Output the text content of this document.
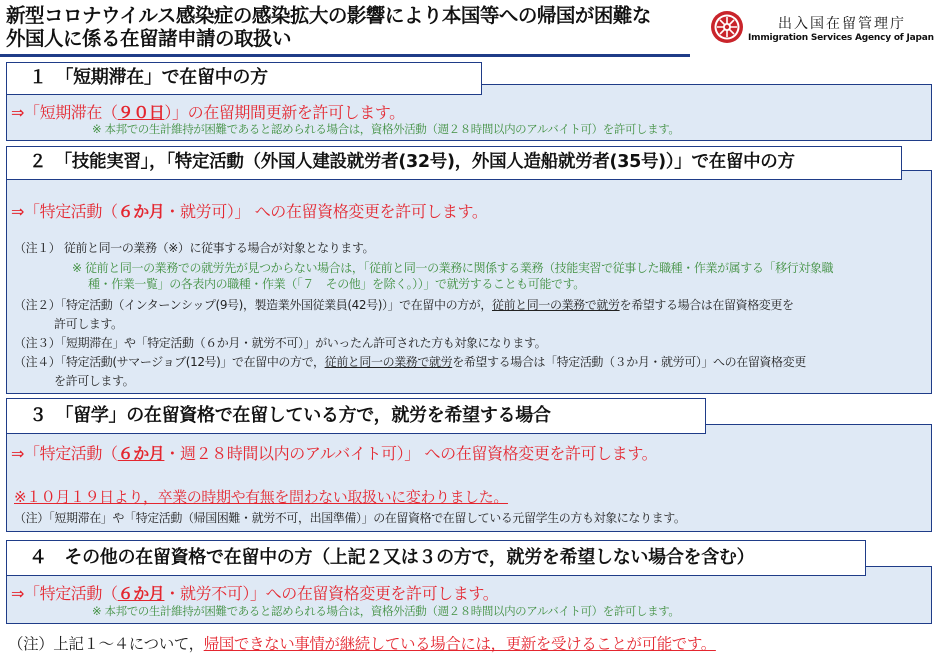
新型コロナウイルス感染症の感染拡大の影響により本国等への帰国が困難な
外国人に係る在留諸申請の取扱い
出入国在留管理庁
Immigration Services Agency of Japan
１　「短期滞在」で在留中の方
⇒「短期滞在（９０日）」の在留期間更新を許可します。
※ 本邦での生計維持が困難であると認められる場合は，資格外活動（週２８時間以内のアルバイト可）を許可します。
２　「技能実習」，「特定活動（外国人建設就労者(32号)，外国人造船就労者(35号)）」で在留中の方
⇒「特定活動（６か月・就労可）」 への在留資格変更を許可します。
（注１） 従前と同一の業務（※）に従事する場合が対象となります。
※ 従前と同一の業務での就労先が見つからない場合は，「従前と同一の業務に関係する業務（技能実習で従事した職種・作業が属する「移行対象職
種・作業一覧」の各表内の職種・作業（「７　その他」を除く。））」で就労することも可能です。
（注２）「特定活動（インターンシップ(9号)，製造業外国従業員(42号)）」で在留中の方が，従前と同一の業務で就労を希望する場合は在留資格変更を
許可します。
（注３）「短期滞在」や「特定活動（６か月・就労不可）」がいったん許可された方も対象になります。
（注４）「特定活動(サマージョブ(12号)」で在留中の方で，従前と同一の業務で就労を希望する場合は「特定活動（３か月・就労可）」への在留資格変更
を許可します。
３　「留学」の在留資格で在留している方で，就労を希望する場合
⇒「特定活動（６か月・週２８時間以内のアルバイト可）」 への在留資格変更を許可します。
※１０月１９日より，卒業の時期や有無を問わない取扱いに変わりました。
（注）「短期滞在」や「特定活動（帰国困難・就労不可，出国準備）」の在留資格で在留している元留学生の方も対象になります。
４　その他の在留資格で在留中の方（上記２又は３の方で，就労を希望しない場合を含む）
⇒「特定活動（６か月・就労不可）」への在留資格変更を許可します。
※ 本邦での生計維持が困難であると認められる場合は，資格外活動（週２８時間以内のアルバイト可）を許可します。
（注）上記１～４について，帰国できない事情が継続している場合には，更新を受けることが可能です。
